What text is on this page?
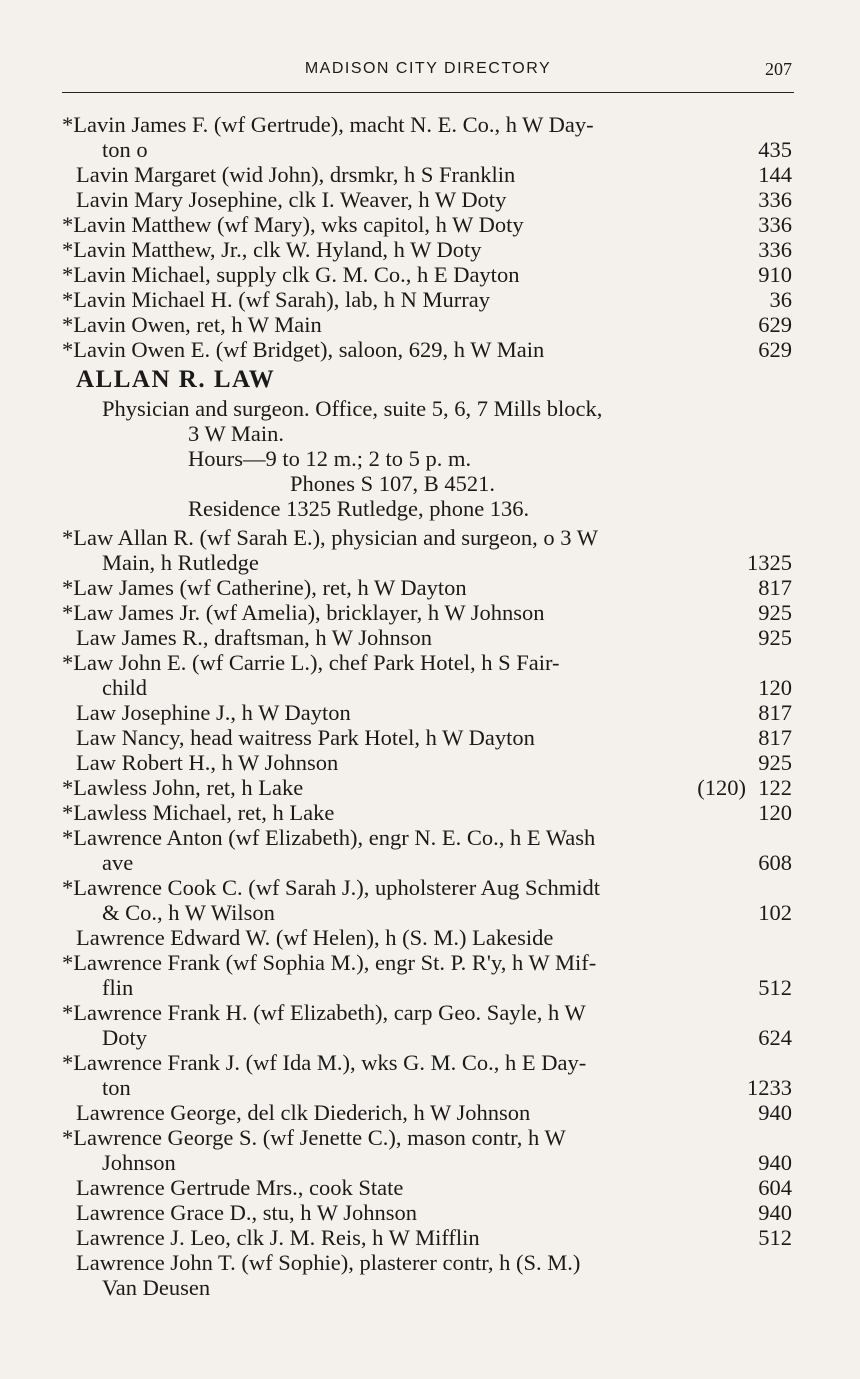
MADISON CITY DIRECTORY	207
*Lavin James F. (wf Gertrude), macht N. E. Co., h W Day-
ton o	435
Lavin Margaret (wid John), drsmkr, h S Franklin	144
Lavin Mary Josephine, clk I. Weaver, h W Doty	336
*Lavin Matthew (wf Mary), wks capitol, h W Doty	336
*Lavin Matthew, Jr., clk W. Hyland, h W Doty	336
*Lavin Michael, supply clk G. M. Co., h E Dayton	910
*Lavin Michael H. (wf Sarah), lab, h N Murray	36
*Lavin Owen, ret, h W Main	629
*Lavin Owen E. (wf Bridget), saloon, 629, h W Main	629
ALLAN R. LAW
Physician and surgeon. Office, suite 5, 6, 7 Mills block,
3 W Main.
Hours—9 to 12 m.; 2 to 5 p. m.
Phones S 107, B 4521.
Residence 1325 Rutledge, phone 136.
*Law Allan R. (wf Sarah E.), physician and surgeon, o 3 W
Main, h Rutledge	1325
*Law James (wf Catherine), ret, h W Dayton	817
*Law James Jr. (wf Amelia), bricklayer, h W Johnson	925
Law James R., draftsman, h W Johnson	925
*Law John E. (wf Carrie L.), chef Park Hotel, h S Fair-
child	120
Law Josephine J., h W Dayton	817
Law Nancy, head waitress Park Hotel, h W Dayton	817
Law Robert H., h W Johnson	925
*Lawless John, ret, h Lake	(120) 122
*Lawless Michael, ret, h Lake	120
*Lawrence Anton (wf Elizabeth), engr N. E. Co., h E Wash
ave	608
*Lawrence Cook C. (wf Sarah J.), upholsterer Aug Schmidt
& Co., h W Wilson	102
Lawrence Edward W. (wf Helen), h (S. M.) Lakeside
*Lawrence Frank (wf Sophia M.), engr St. P. R'y, h W Mif-
flin	512
*Lawrence Frank H. (wf Elizabeth), carp Geo. Sayle, h W
Doty	624
*Lawrence Frank J. (wf Ida M.), wks G. M. Co., h E Day-
ton	1233
Lawrence George, del clk Diederich, h W Johnson	940
*Lawrence George S. (wf Jenette C.), mason contr, h W
Johnson	940
Lawrence Gertrude Mrs., cook State	604
Lawrence Grace D., stu, h W Johnson	940
Lawrence J. Leo, clk J. M. Reis, h W Mifflin	512
Lawrence John T. (wf Sophie), plasterer contr, h (S. M.)
Van Deusen
